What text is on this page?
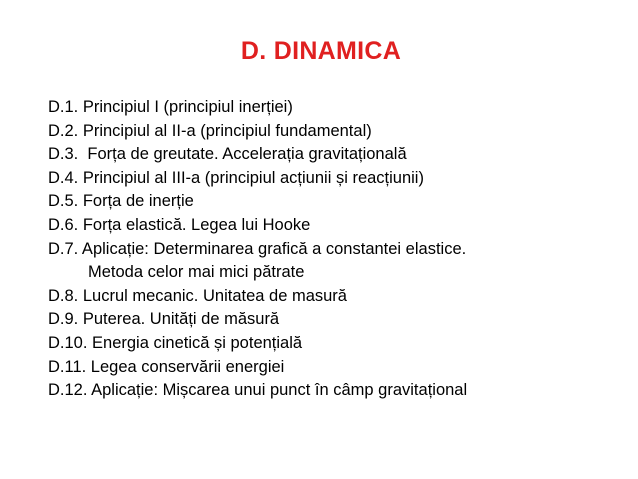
D. DINAMICA
D.1. Principiul I (principiul inerției)
D.2. Principiul al II-a (principiul fundamental)
D.3.  Forța de greutate. Accelerația gravitațională
D.4. Principiul al III-a (principiul acțiunii și reacțiunii)
D.5. Forța de inerție
D.6. Forța elastică. Legea lui Hooke
D.7. Aplicație: Determinarea grafică a constantei elastice.
Metoda celor mai mici pătrate
D.8. Lucrul mecanic. Unitatea de masură
D.9. Puterea. Unități de măsură
D.10. Energia cinetică și potențială
D.11. Legea conservării energiei
D.12. Aplicație: Mișcarea unui punct în câmp gravitațional
